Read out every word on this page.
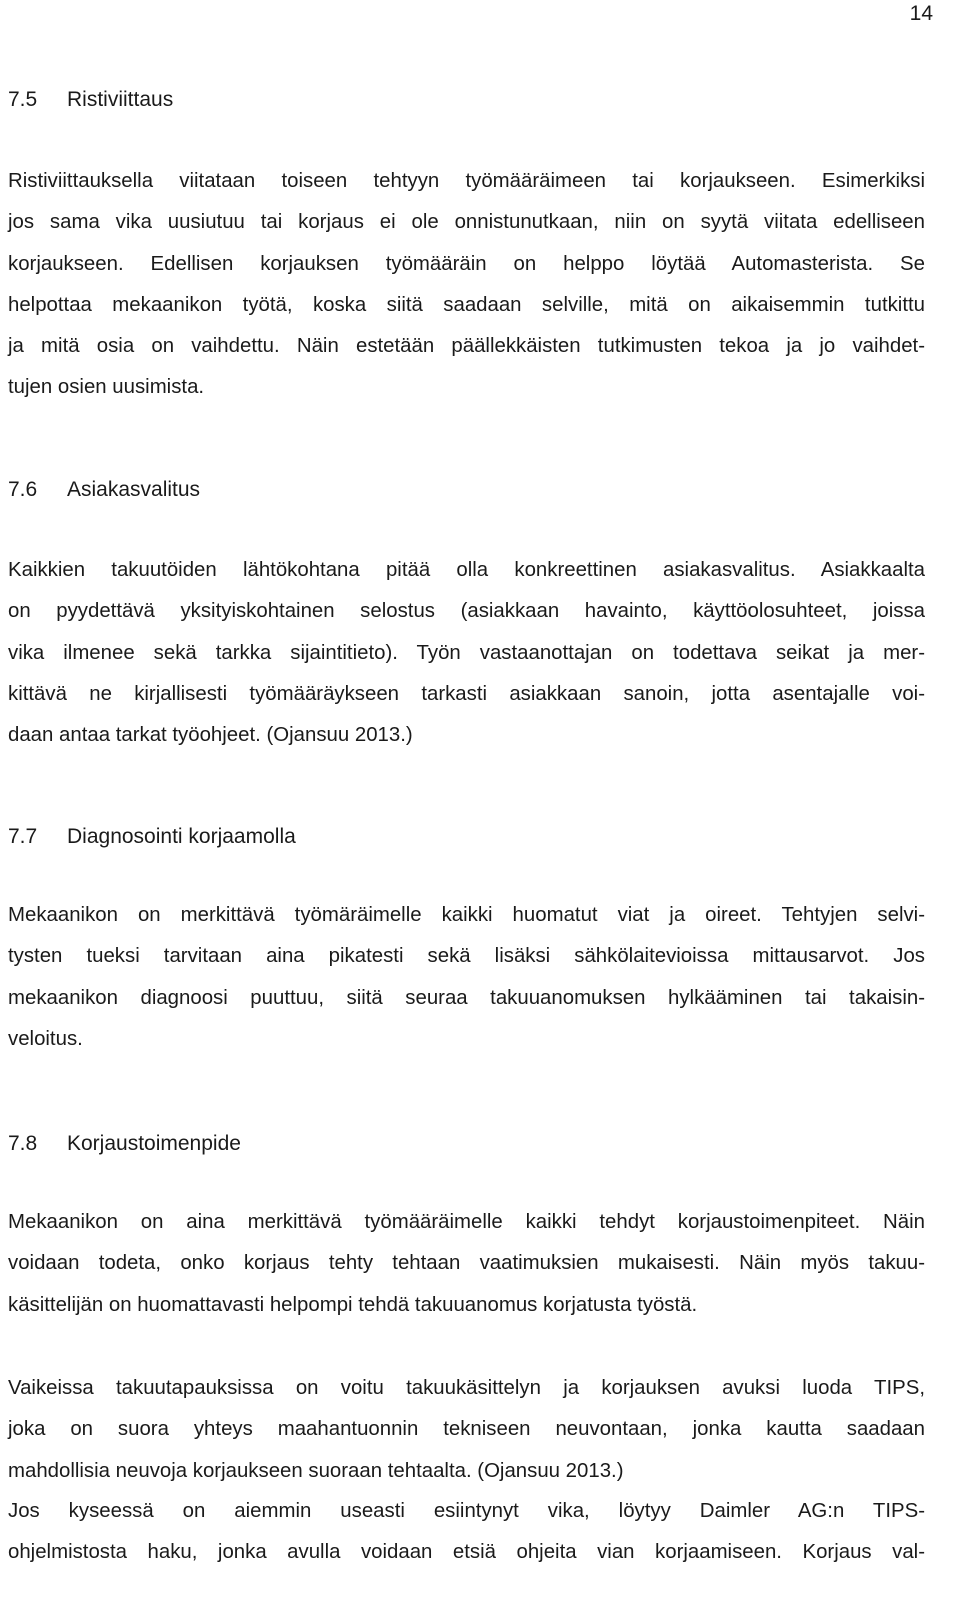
14
7.5	Ristiviittaus

Ristiviittauksella viitataan toiseen tehtyyn työmääräimeen tai korjaukseen. Esimerkiksi
jos sama vika uusiutuu tai korjaus ei ole onnistunutkaan, niin on syytä viitata edelliseen
korjaukseen. Edellisen korjauksen työmääräin on helppo löytää Automasterista. Se
helpottaa mekaanikon työtä, koska siitä saadaan selville, mitä on aikaisemmin tutkittu
ja mitä osia on vaihdettu. Näin estetään päällekkäisten tutkimusten tekoa ja jo vaihdet-
tujen osien uusimista.

7.6	Asiakasvalitus

Kaikkien takuutöiden lähtökohtana pitää olla konkreettinen asiakasvalitus. Asiakkaalta
on pyydettävä yksityiskohtainen selostus (asiakkaan havainto, käyttöolosuhteet, joissa
vika ilmenee sekä tarkka sijaintitieto). Työn vastaanottajan on todettava seikat ja mer-
kittävä ne kirjallisesti työmääräykseen tarkasti asiakkaan sanoin, jotta asentajalle voi-
daan antaa tarkat työohjeet. (Ojansuu 2013.)

7.7	Diagnosointi korjaamolla

Mekaanikon on merkittävä työmäräimelle kaikki huomatut viat ja oireet. Tehtyjen selvi-
tysten tueksi tarvitaan aina pikatesti sekä lisäksi sähkölaitevioissa mittausarvot. Jos
mekaanikon diagnoosi puuttuu, siitä seuraa takuuanomuksen hylkääminen tai takaisin-
veloitus.

7.8	Korjaustoimenpide

Mekaanikon on aina merkittävä työmääräimelle kaikki tehdyt korjaustoimenpiteet. Näin
voidaan todeta, onko korjaus tehty tehtaan vaatimuksien mukaisesti. Näin myös takuu-
käsittelijän on huomattavasti helpompi tehdä takuuanomus korjatusta työstä.

Vaikeissa takuutapauksissa on voitu takuukäsittelyn ja korjauksen avuksi luoda TIPS,
joka on suora yhteys maahantuonnin tekniseen neuvontaan, jonka kautta saadaan
mahdollisia neuvoja korjaukseen suoraan tehtaalta. (Ojansuu 2013.)

Jos kyseessä on aiemmin useasti esiintynyt vika, löytyy Daimler AG:n TIPS-
ohjelmistosta haku, jonka avulla voidaan etsiä ohjeita vian korjaamiseen. Korjaus val-
